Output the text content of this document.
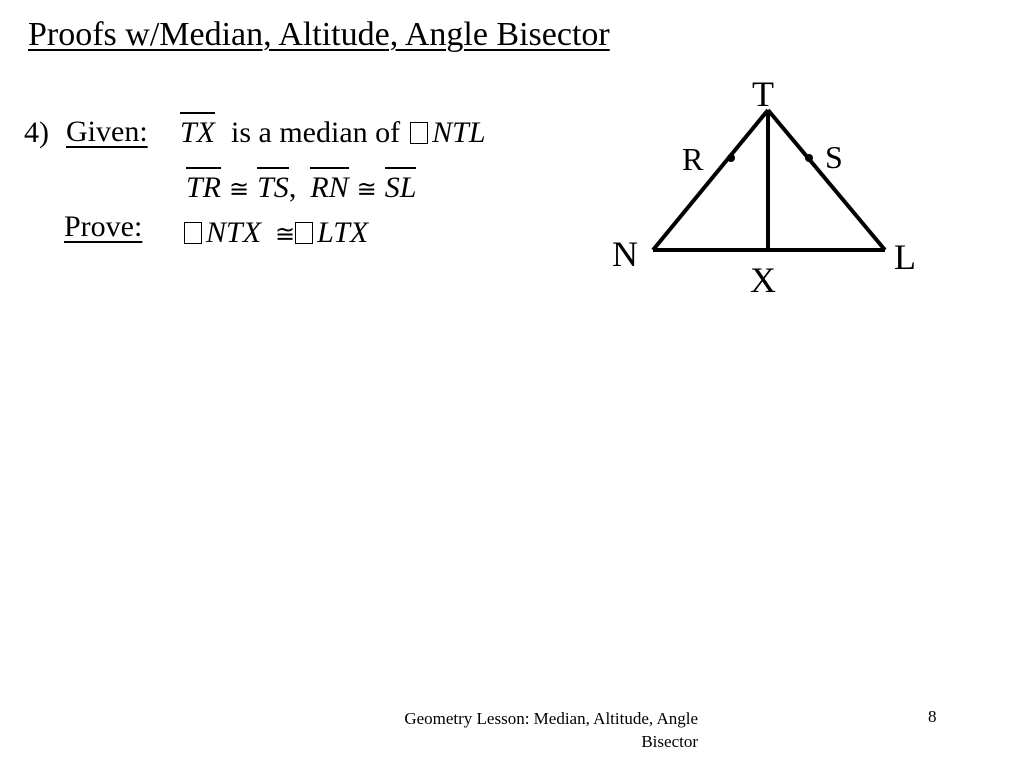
Proofs w/Median, Altitude, Angle Bisector
4) Given:
Prove:
TX is a median of NTL
TR ≅ TS, RN ≅ SL
NTX ≅ LTX
T
R	S
N	L
X
Geometry Lesson: Median, Altitude, Angle Bisector
8
